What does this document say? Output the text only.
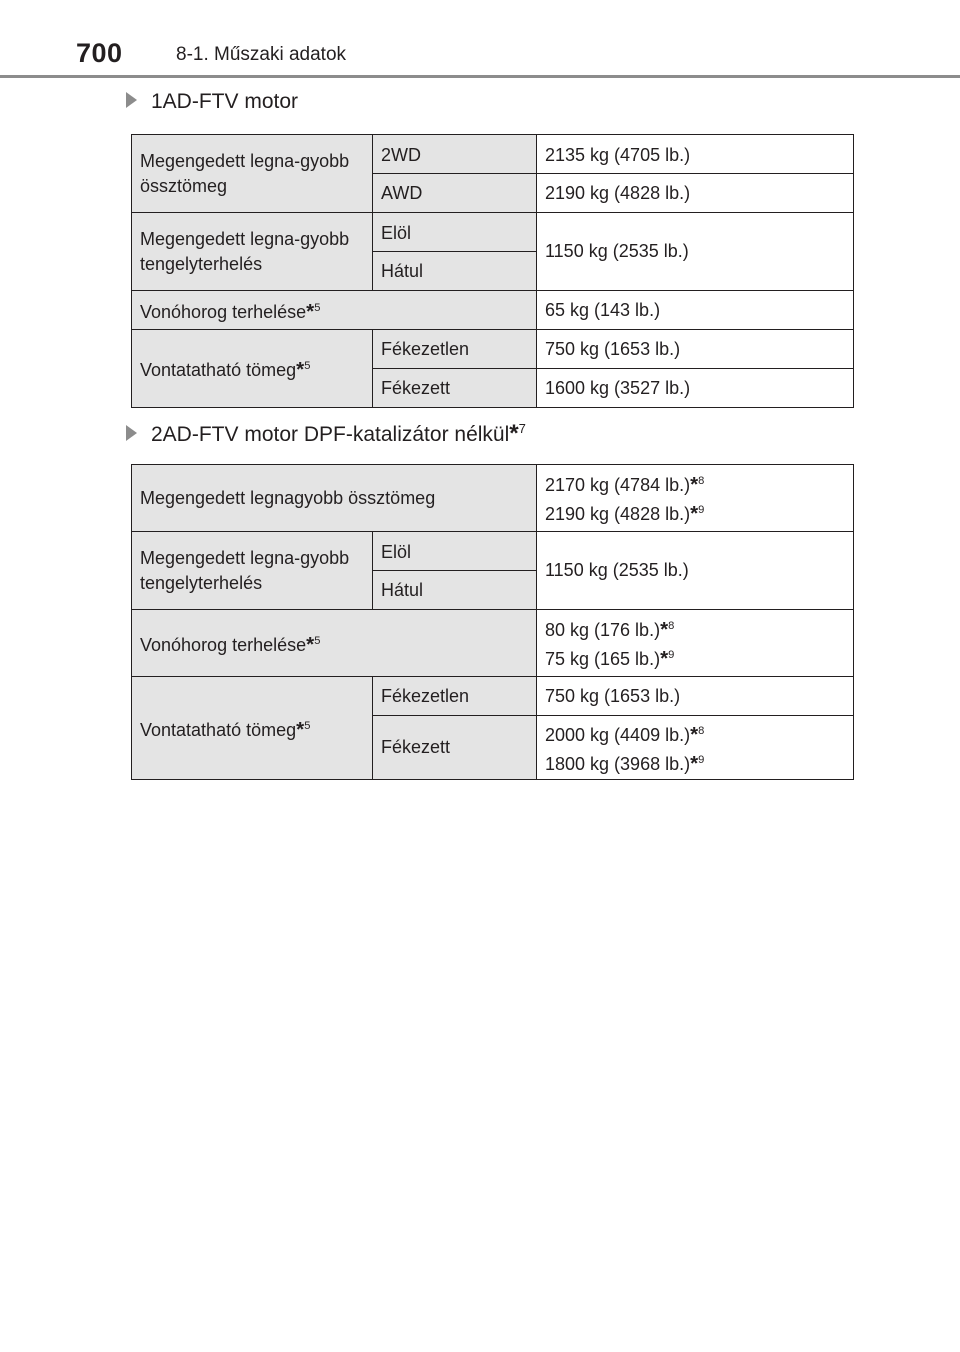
700	8-1. Műszaki adatok
1AD-FTV motor
Megengedett legna-gyobb össztömeg	2WD	2135 kg (4705 lb.)
	AWD	2190 kg (4828 lb.)
Megengedett legna-gyobb tengelyterhelés	Elöl	1150 kg (2535 lb.)
	Hátul	
Vonóhorog terhelése*$^5$		65 kg (143 lb.)
Vontatatható tömeg*$^5$	Fékezetlen	750 kg (1653 lb.)
	Fékezett	1600 kg (3527 lb.)
2AD-FTV motor DPF-katalizátor nélkül*$^7$
Megengedett legnagyobb össztömeg		2170 kg (4784 lb.)*$^8$
2190 kg (4828 lb.)*$^9$

Megengedett legna-gyobb tengelyterhelés	Elöl	1150 kg (2535 lb.)
	Hátul	
Vonóhorog terhelése*$^5$		80 kg (176 lb.)*$^8$
75 kg (165 lb.)*$^9$

Vontatatható tömeg*$^5$	Fékezetlen	750 kg (1653 lb.)
	Fékezett	2000 kg (4409 lb.)*$^8$
1800 kg (3968 lb.)*$^9$
